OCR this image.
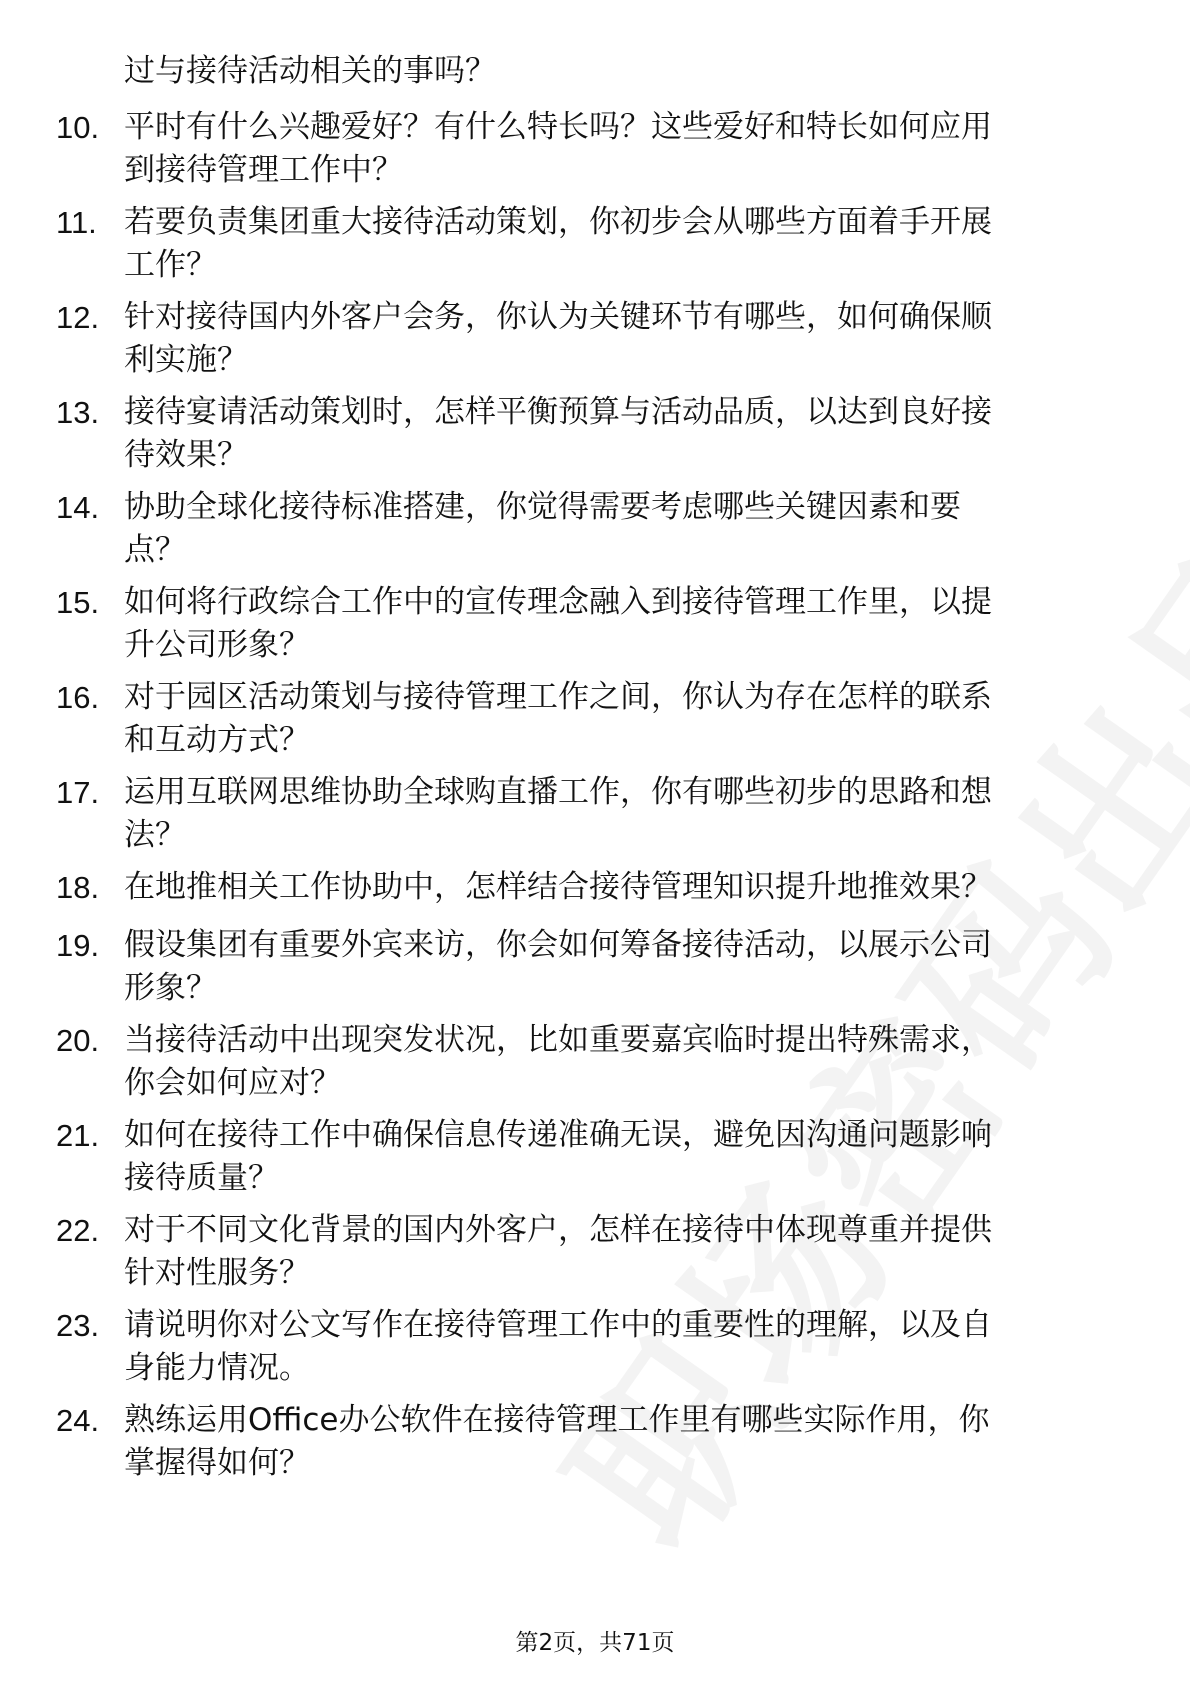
过与接待活动相关的事吗？

10. 平时有什么兴趣爱好？有什么特长吗？这些爱好和特长如何应用
到接待管理工作中？

11. 若要负责集团重大接待活动策划，你初步会从哪些方面着手开展
工作？

12. 针对接待国内外客户会务，你认为关键环节有哪些，如何确保顺
利实施？

13. 接待宴请活动策划时，怎样平衡预算与活动品质，以达到良好接
待效果？

14. 协助全球化接待标准搭建，你觉得需要考虑哪些关键因素和要
点？

15. 如何将行政综合工作中的宣传理念融入到接待管理工作里，以提
升公司形象？

16. 对于园区活动策划与接待管理工作之间，你认为存在怎样的联系
和互动方式？

17. 运用互联网思维协助全球购直播工作，你有哪些初步的思路和想
法？

18. 在地推相关工作协助中，怎样结合接待管理知识提升地推效果？

19. 假设集团有重要外宾来访，你会如何筹备接待活动，以展示公司
形象？

20. 当接待活动中出现突发状况，比如重要嘉宾临时提出特殊需求，
你会如何应对？

21. 如何在接待工作中确保信息传递准确无误，避免因沟通问题影响
接待质量？

22. 对于不同文化背景的国内外客户，怎样在接待中体现尊重并提供
针对性服务？

23. 请说明你对公文写作在接待管理工作中的重要性的理解，以及自
身能力情况。

24. 熟练运用Office办公软件在接待管理工作里有哪些实际作用，你
掌握得如何？

第2页，共71页
